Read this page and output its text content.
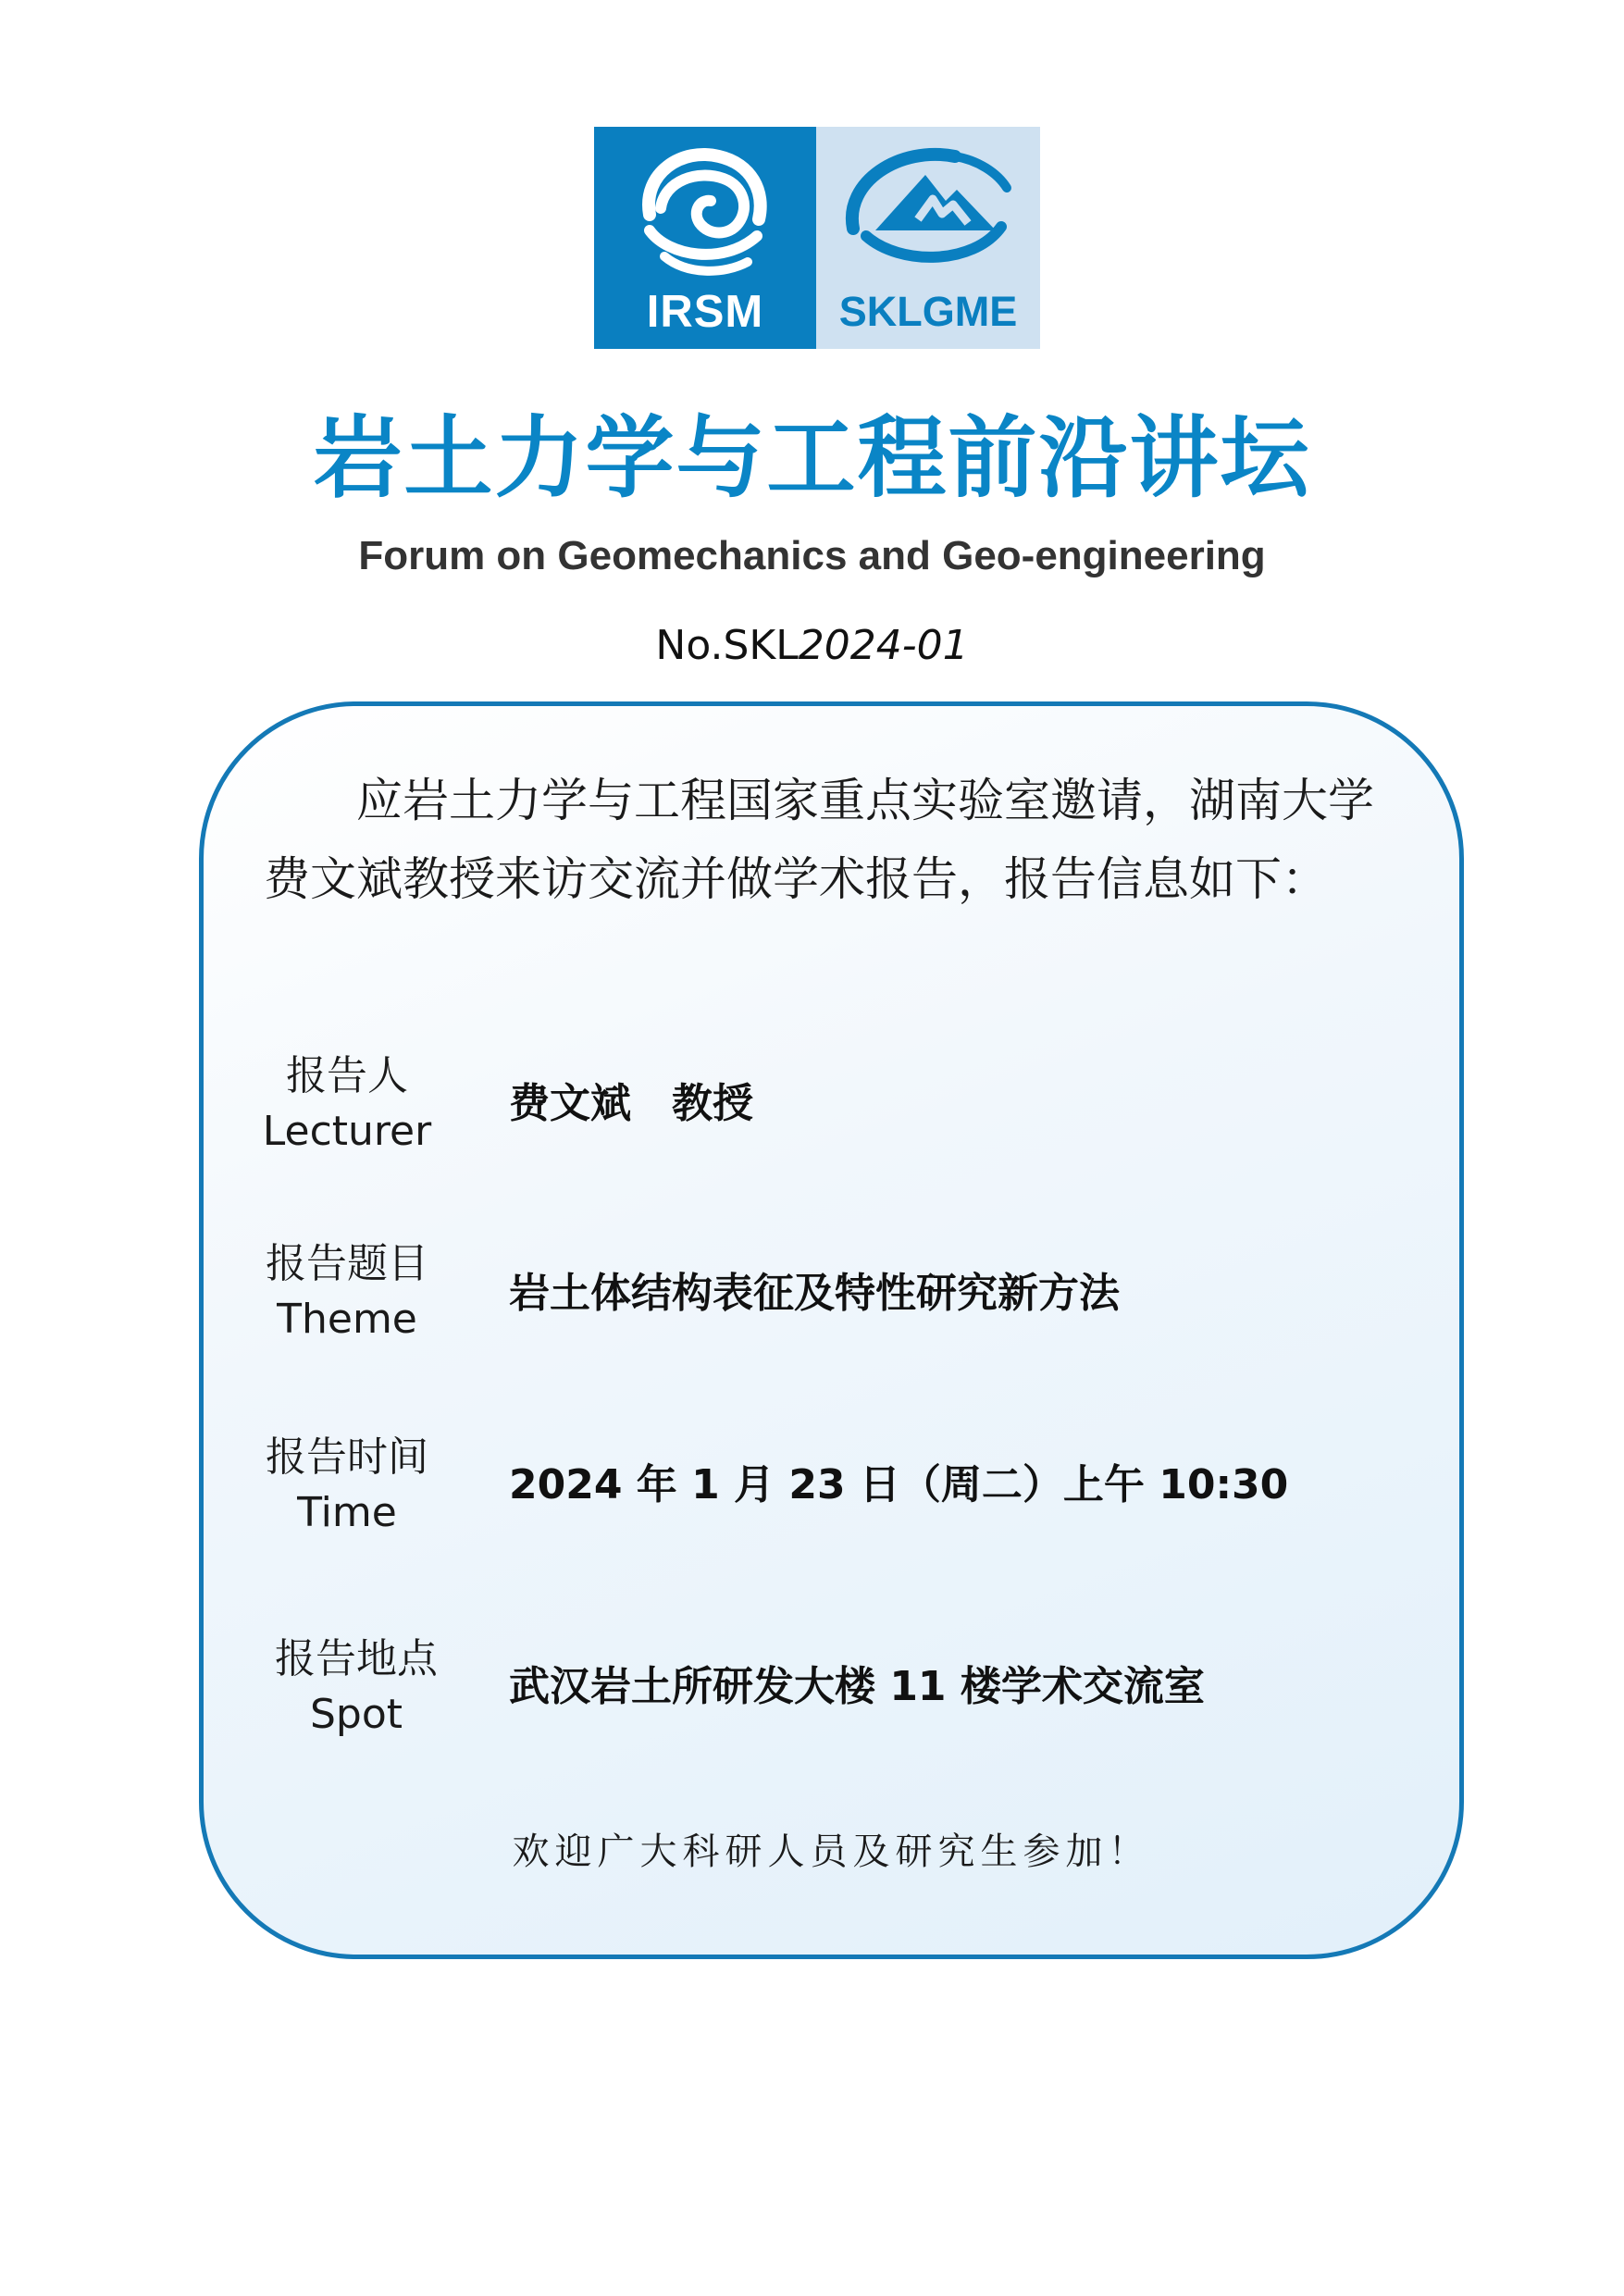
IRSM	SKLGME
岩土力学与工程前沿讲坛
Forum on Geomechanics and Geo-engineering
No.SKL2024-01
应岩土力学与工程国家重点实验室邀请，湖南大学
费文斌教授来访交流并做学术报告，报告信息如下：
报告人
Lecturer
费文斌　教授
报告题目
Theme
岩土体结构表征及特性研究新方法
报告时间
Time
2024 年 1 月 23 日（周二）上午 10:30
报告地点
Spot
武汉岩土所研发大楼 11 楼学术交流室
欢迎广大科研人员及研究生参加！
